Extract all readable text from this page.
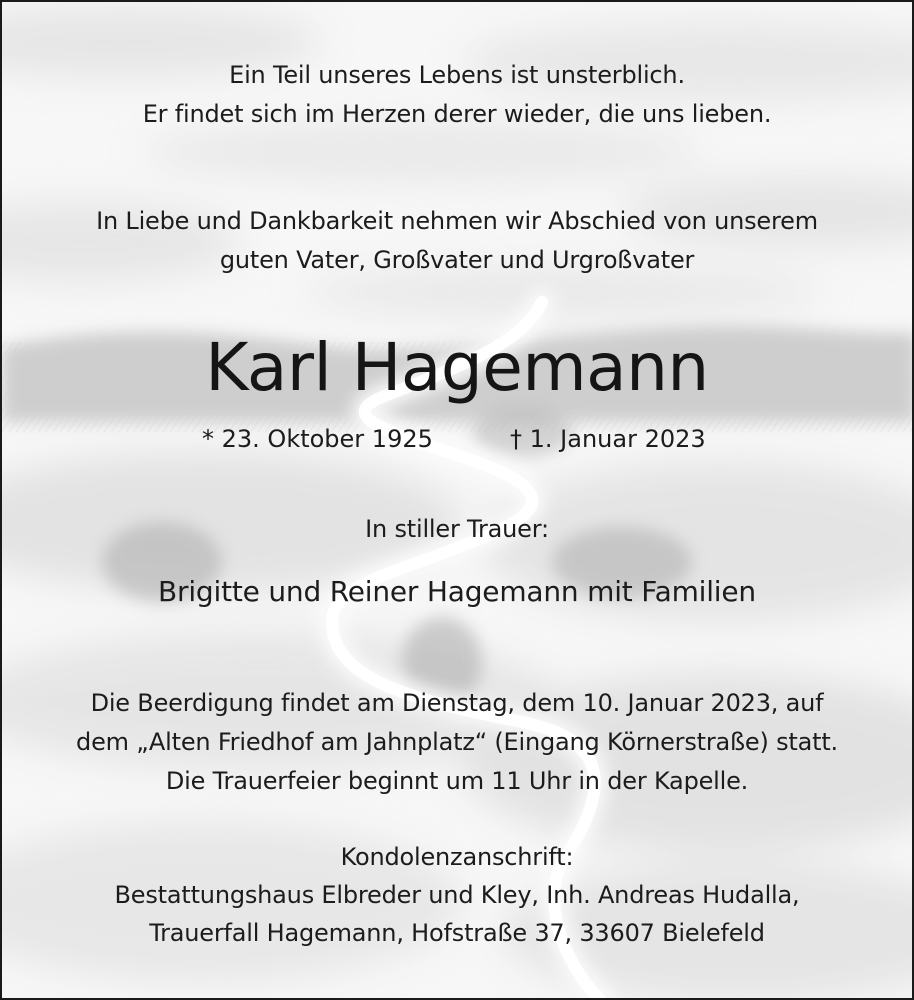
Ein Teil unseres Lebens ist unsterblich.
Er findet sich im Herzen derer wieder, die uns lieben.
In Liebe und Dankbarkeit nehmen wir Abschied von unserem
guten Vater, Großvater und Urgroßvater
Karl Hagemann
* 23. Oktober 1925	† 1. Januar 2023
In stiller Trauer:
Brigitte und Reiner Hagemann mit Familien
Die Beerdigung findet am Dienstag, dem 10. Januar 2023, auf
dem „Alten Friedhof am Jahnplatz“ (Eingang Körnerstraße) statt.
Die Trauerfeier beginnt um 11 Uhr in der Kapelle.
Kondolenzanschrift:
Bestattungshaus Elbreder und Kley, Inh. Andreas Hudalla,
Trauerfall Hagemann, Hofstraße 37, 33607 Bielefeld
